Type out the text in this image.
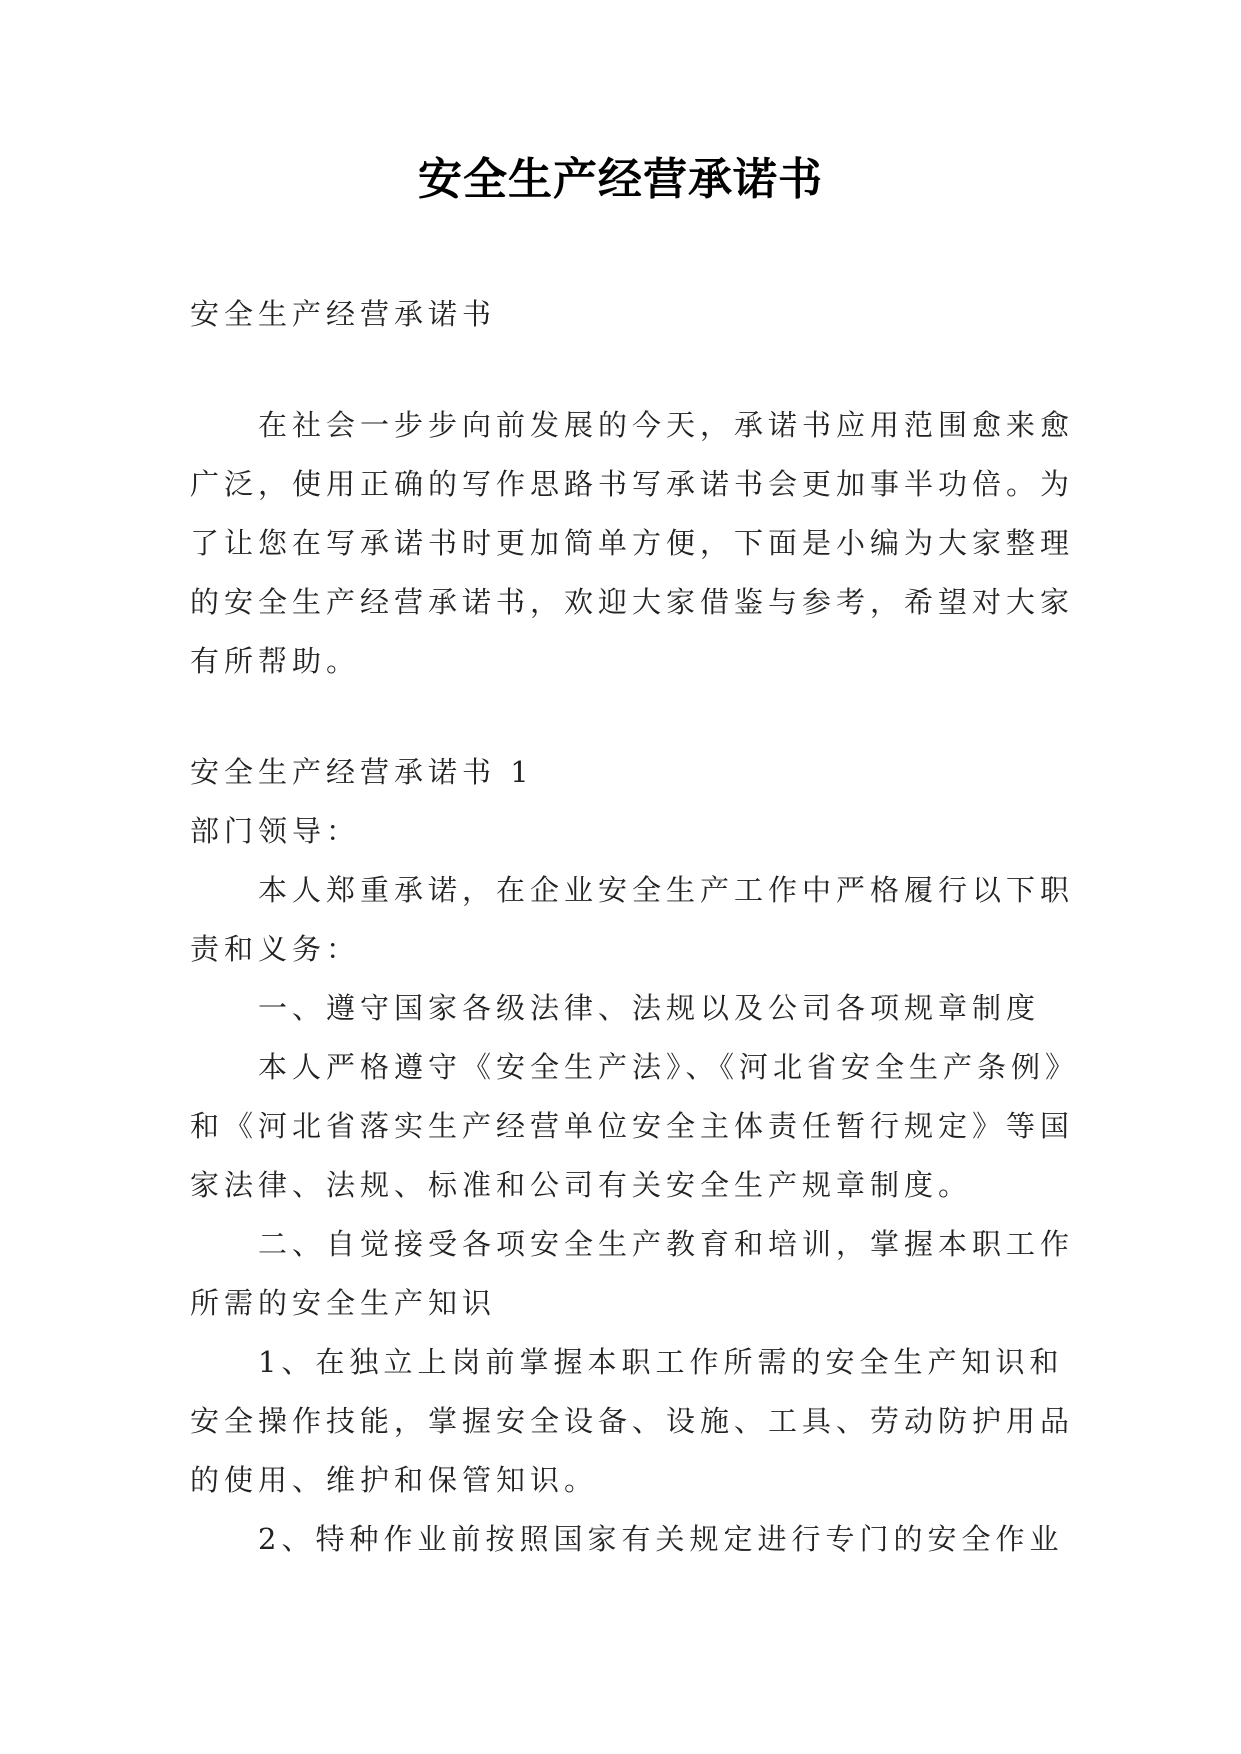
安全生产经营承诺书
安全生产经营承诺书
在社会一步步向前发展的今天，承诺书应用范围愈来愈
广泛，使用正确的写作思路书写承诺书会更加事半功倍。为
了让您在写承诺书时更加简单方便，下面是小编为大家整理
的安全生产经营承诺书，欢迎大家借鉴与参考，希望对大家
有所帮助。
安全生产经营承诺书 1
部门领导：
本人郑重承诺，在企业安全生产工作中严格履行以下职
责和义务：
一、遵守国家各级法律、法规以及公司各项规章制度
本人严格遵守《安全生产法》、《河北省安全生产条例》
和《河北省落实生产经营单位安全主体责任暂行规定》等国
家法律、法规、标准和公司有关安全生产规章制度。
二、自觉接受各项安全生产教育和培训，掌握本职工作
所需的安全生产知识
1、在独立上岗前掌握本职工作所需的安全生产知识和
安全操作技能，掌握安全设备、设施、工具、劳动防护用品
的使用、维护和保管知识。
2、特种作业前按照国家有关规定进行专门的安全作业
